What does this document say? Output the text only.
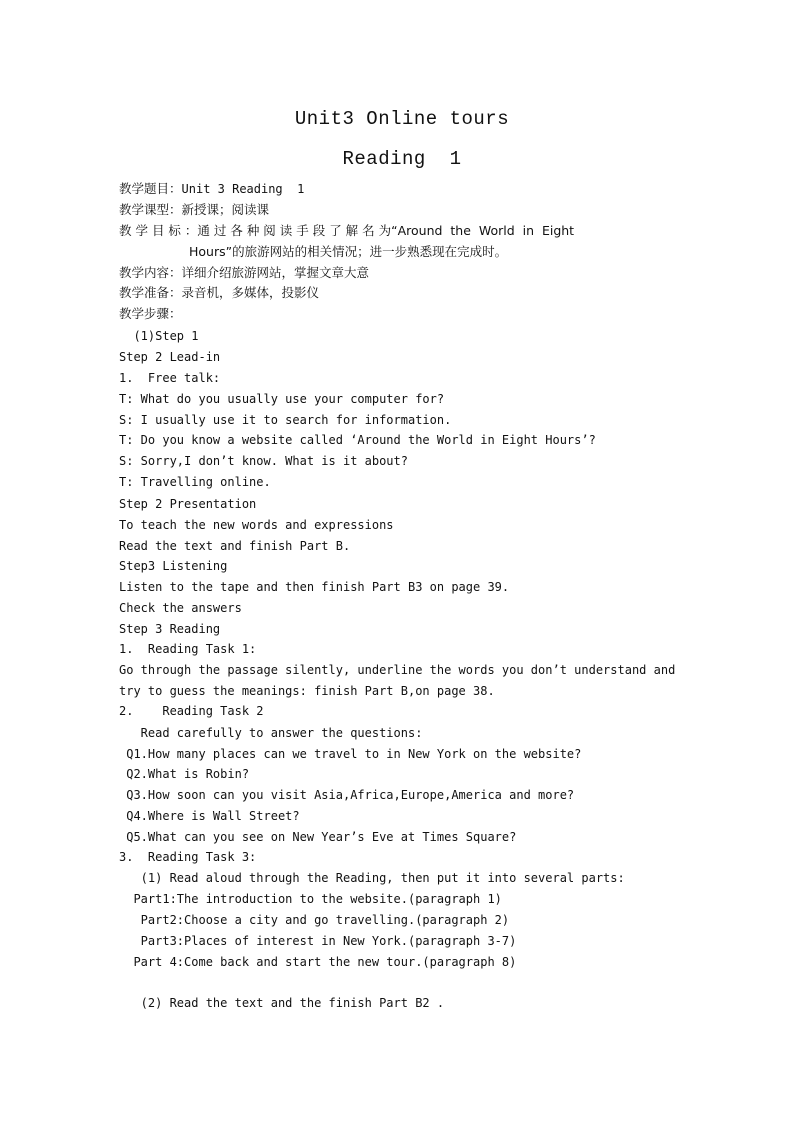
Unit3 Online tours
Reading  1
教学题目：Unit 3 Reading  1
教学课型：新授课；阅读课
教 学 目 标 ：通 过 各 种 阅 读 手 段 了 解 名 为“Around  the  World  in  Eight
Hours”的旅游网站的相关情况；进一步熟悉现在完成时。
教学内容：详细介绍旅游网站，掌握文章大意
教学准备：录音机，多媒体，投影仪
教学步骤：
(1)Step 1
Step 2 Lead-in
1.  Free talk:
T: What do you usually use your computer for?
S: I usually use it to search for information.
T: Do you know a website called ‘Around the World in Eight Hours’?
S: Sorry,I don’t know. What is it about?
T: Travelling online.
Step 2 Presentation
To teach the new words and expressions
Read the text and finish Part B.
Step3 Listening
Listen to the tape and then finish Part B3 on page 39.
Check the answers
Step 3 Reading
1.  Reading Task 1:
Go through the passage silently, underline the words you don’t understand and
try to guess the meanings: finish Part B,on page 38.
2.    Reading Task 2
Read carefully to answer the questions:
Q1.How many places can we travel to in New York on the website?
Q2.What is Robin?
Q3.How soon can you visit Asia,Africa,Europe,America and more?
Q4.Where is Wall Street?
Q5.What can you see on New Year’s Eve at Times Square?
3.  Reading Task 3:
(1) Read aloud through the Reading, then put it into several parts:
Part1:The introduction to the website.(paragraph 1)
Part2:Choose a city and go travelling.(paragraph 2)
Part3:Places of interest in New York.(paragraph 3-7)
Part 4:Come back and start the new tour.(paragraph 8)
(2) Read the text and the finish Part B2 .
